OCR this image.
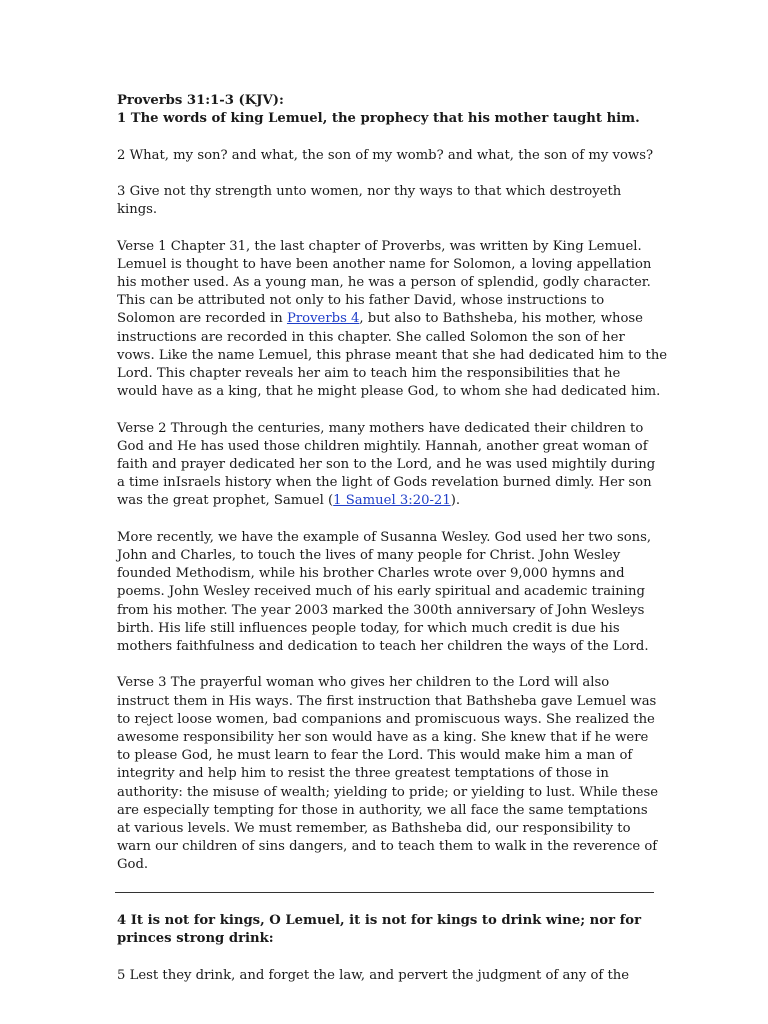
Proverbs 31:1-3 (KJV):
1 The words of king Lemuel, the prophecy that his mother taught him.
2 What, my son? and what, the son of my womb? and what, the son of my vows?
3 Give not thy strength unto women, nor thy ways to that which destroyeth
kings.
Verse 1 Chapter 31, the last chapter of Proverbs, was written by King Lemuel.
Lemuel is thought to have been another name for Solomon, a loving appellation
his mother used. As a young man, he was a person of splendid, godly character.
This can be attributed not only to his father David, whose instructions to
Solomon are recorded in Proverbs 4, but also to Bathsheba, his mother, whose
instructions are recorded in this chapter. She called Solomon the son of her
vows. Like the name Lemuel, this phrase meant that she had dedicated him to the
Lord. This chapter reveals her aim to teach him the responsibilities that he
would have as a king, that he might please God, to whom she had dedicated him.
Verse 2 Through the centuries, many mothers have dedicated their children to
God and He has used those children mightily. Hannah, another great woman of
faith and prayer dedicated her son to the Lord, and he was used mightily during
a time inIsraels history when the light of Gods revelation burned dimly. Her son
was the great prophet, Samuel (1 Samuel 3:20-21).
More recently, we have the example of Susanna Wesley. God used her two sons,
John and Charles, to touch the lives of many people for Christ. John Wesley
founded Methodism, while his brother Charles wrote over 9,000 hymns and
poems. John Wesley received much of his early spiritual and academic training
from his mother. The year 2003 marked the 300th anniversary of John Wesleys
birth. His life still influences people today, for which much credit is due his
mothers faithfulness and dedication to teach her children the ways of the Lord.
Verse 3 The prayerful woman who gives her children to the Lord will also
instruct them in His ways. The first instruction that Bathsheba gave Lemuel was
to reject loose women, bad companions and promiscuous ways. She realized the
awesome responsibility her son would have as a king. She knew that if he were
to please God, he must learn to fear the Lord. This would make him a man of
integrity and help him to resist the three greatest temptations of those in
authority: the misuse of wealth; yielding to pride; or yielding to lust. While these
are especially tempting for those in authority, we all face the same temptations
at various levels. We must remember, as Bathsheba did, our responsibility to
warn our children of sins dangers, and to teach them to walk in the reverence of
God.
4 It is not for kings, O Lemuel, it is not for kings to drink wine; nor for
princes strong drink:
5 Lest they drink, and forget the law, and pervert the judgment of any of the
